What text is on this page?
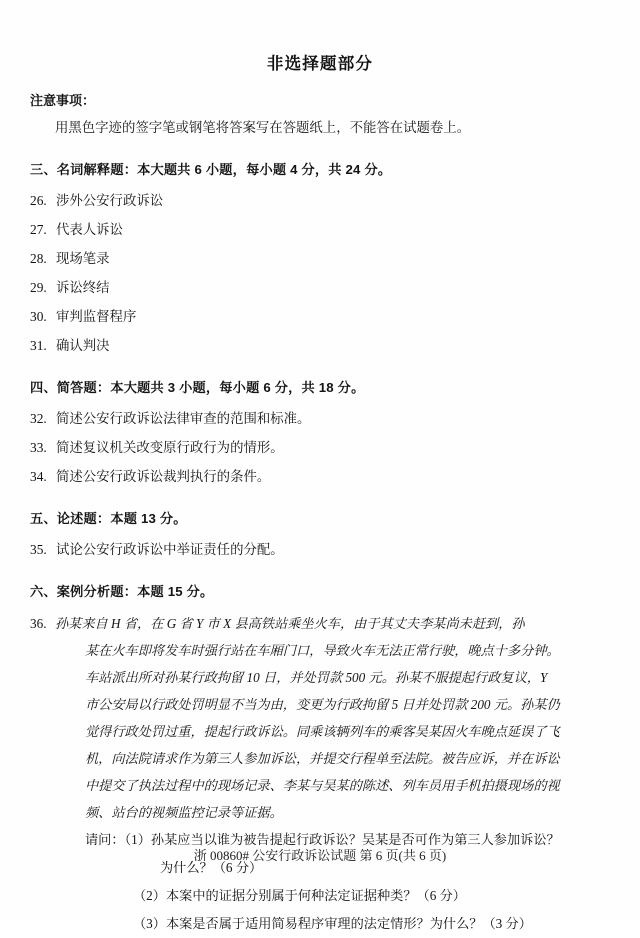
非选择题部分
注意事项：
用黑色字迹的签字笔或钢笔将答案写在答题纸上，不能答在试题卷上。
三、名词解释题：本大题共 6 小题，每小题 4 分，共 24 分。
26. 涉外公安行政诉讼
27. 代表人诉讼
28. 现场笔录
29. 诉讼终结
30. 审判监督程序
31. 确认判决
四、简答题：本大题共 3 小题，每小题 6 分，共 18 分。
32. 简述公安行政诉讼法律审查的范围和标准。
33. 简述复议机关改变原行政行为的情形。
34. 简述公安行政诉讼裁判执行的条件。
五、论述题：本题 13 分。
35. 试论公安行政诉讼中举证责任的分配。
六、案例分析题：本题 15 分。
36. 孙某来自 H 省，在 G 省 Y 市 X 县高铁站乘坐火车，由于其丈夫李某尚未赶到，孙
某在火车即将发车时强行站在车厢门口，导致火车无法正常行驶，晚点十多分钟。
车站派出所对孙某行政拘留 10 日，并处罚款 500 元。孙某不服提起行政复议，Y
市公安局以行政处罚明显不当为由，变更为行政拘留 5 日并处罚款 200 元。孙某仍
觉得行政处罚过重，提起行政诉讼。同乘该辆列车的乘客吴某因火车晚点延误了飞
机，向法院请求作为第三人参加诉讼，并提交行程单至法院。被告应诉，并在诉讼
中提交了执法过程中的现场记录、李某与吴某的陈述、列车员用手机拍摄现场的视
频、站台的视频监控记录等证据。
请问：（1）孙某应当以谁为被告提起行政诉讼？吴某是否可作为第三人参加诉讼？
为什么？（6 分）
（2）本案中的证据分别属于何种法定证据种类？（6 分）
（3）本案是否属于适用简易程序审理的法定情形？为什么？（3 分）
浙 00860# 公安行政诉讼试题 第 6 页(共 6 页)
